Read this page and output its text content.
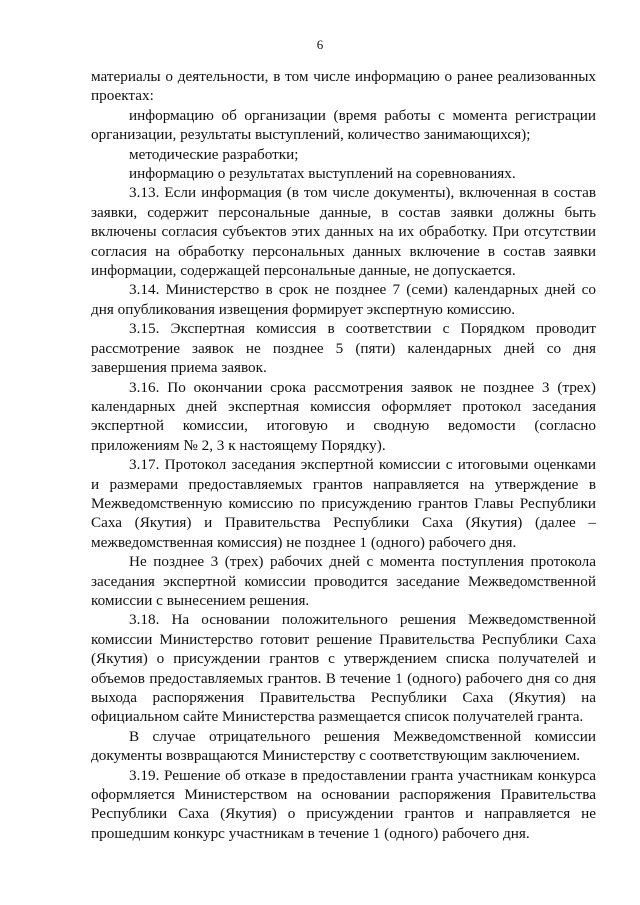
6

материалы о деятельности, в том числе информацию о ранее реализованных проектах:

информацию об организации (время работы с момента регистрации организации, результаты выступлений, количество занимающихся);

методические разработки;

информацию о результатах выступлений на соревнованиях.

3.13. Если информация (в том числе документы), включенная в состав заявки, содержит персональные данные, в состав заявки должны быть включены согласия субъектов этих данных на их обработку. При отсутствии согласия на обработку персональных данных включение в состав заявки информации, содержащей персональные данные, не допускается.

3.14. Министерство в срок не позднее 7 (семи) календарных дней со дня опубликования извещения формирует экспертную комиссию.

3.15. Экспертная комиссия в соответствии с Порядком проводит рассмотрение заявок не позднее 5 (пяти) календарных дней со дня завершения приема заявок.

3.16. По окончании срока рассмотрения заявок не позднее 3 (трех) календарных дней экспертная комиссия оформляет протокол заседания экспертной комиссии, итоговую и сводную ведомости (согласно приложениям № 2, 3 к настоящему Порядку).

3.17. Протокол заседания экспертной комиссии с итоговыми оценками и размерами предоставляемых грантов направляется на утверждение в Межведомственную комиссию по присуждению грантов Главы Республики Саха (Якутия) и Правительства Республики Саха (Якутия) (далее – межведомственная комиссия) не позднее 1 (одного) рабочего дня.

Не позднее 3 (трех) рабочих дней с момента поступления протокола заседания экспертной комиссии проводится заседание Межведомственной комиссии с вынесением решения.

3.18. На основании положительного решения Межведомственной комиссии Министерство готовит решение Правительства Республики Саха (Якутия) о присуждении грантов с утверждением списка получателей и объемов предоставляемых грантов. В течение 1 (одного) рабочего дня со дня выхода распоряжения Правительства Республики Саха (Якутия) на официальном сайте Министерства размещается список получателей гранта.

В случае отрицательного решения Межведомственной комиссии документы возвращаются Министерству с соответствующим заключением.

3.19. Решение об отказе в предоставлении гранта участникам конкурса оформляется Министерством на основании распоряжения Правительства Республики Саха (Якутия) о присуждении грантов и направляется не прошедшим конкурс участникам в течение 1 (одного) рабочего дня.
